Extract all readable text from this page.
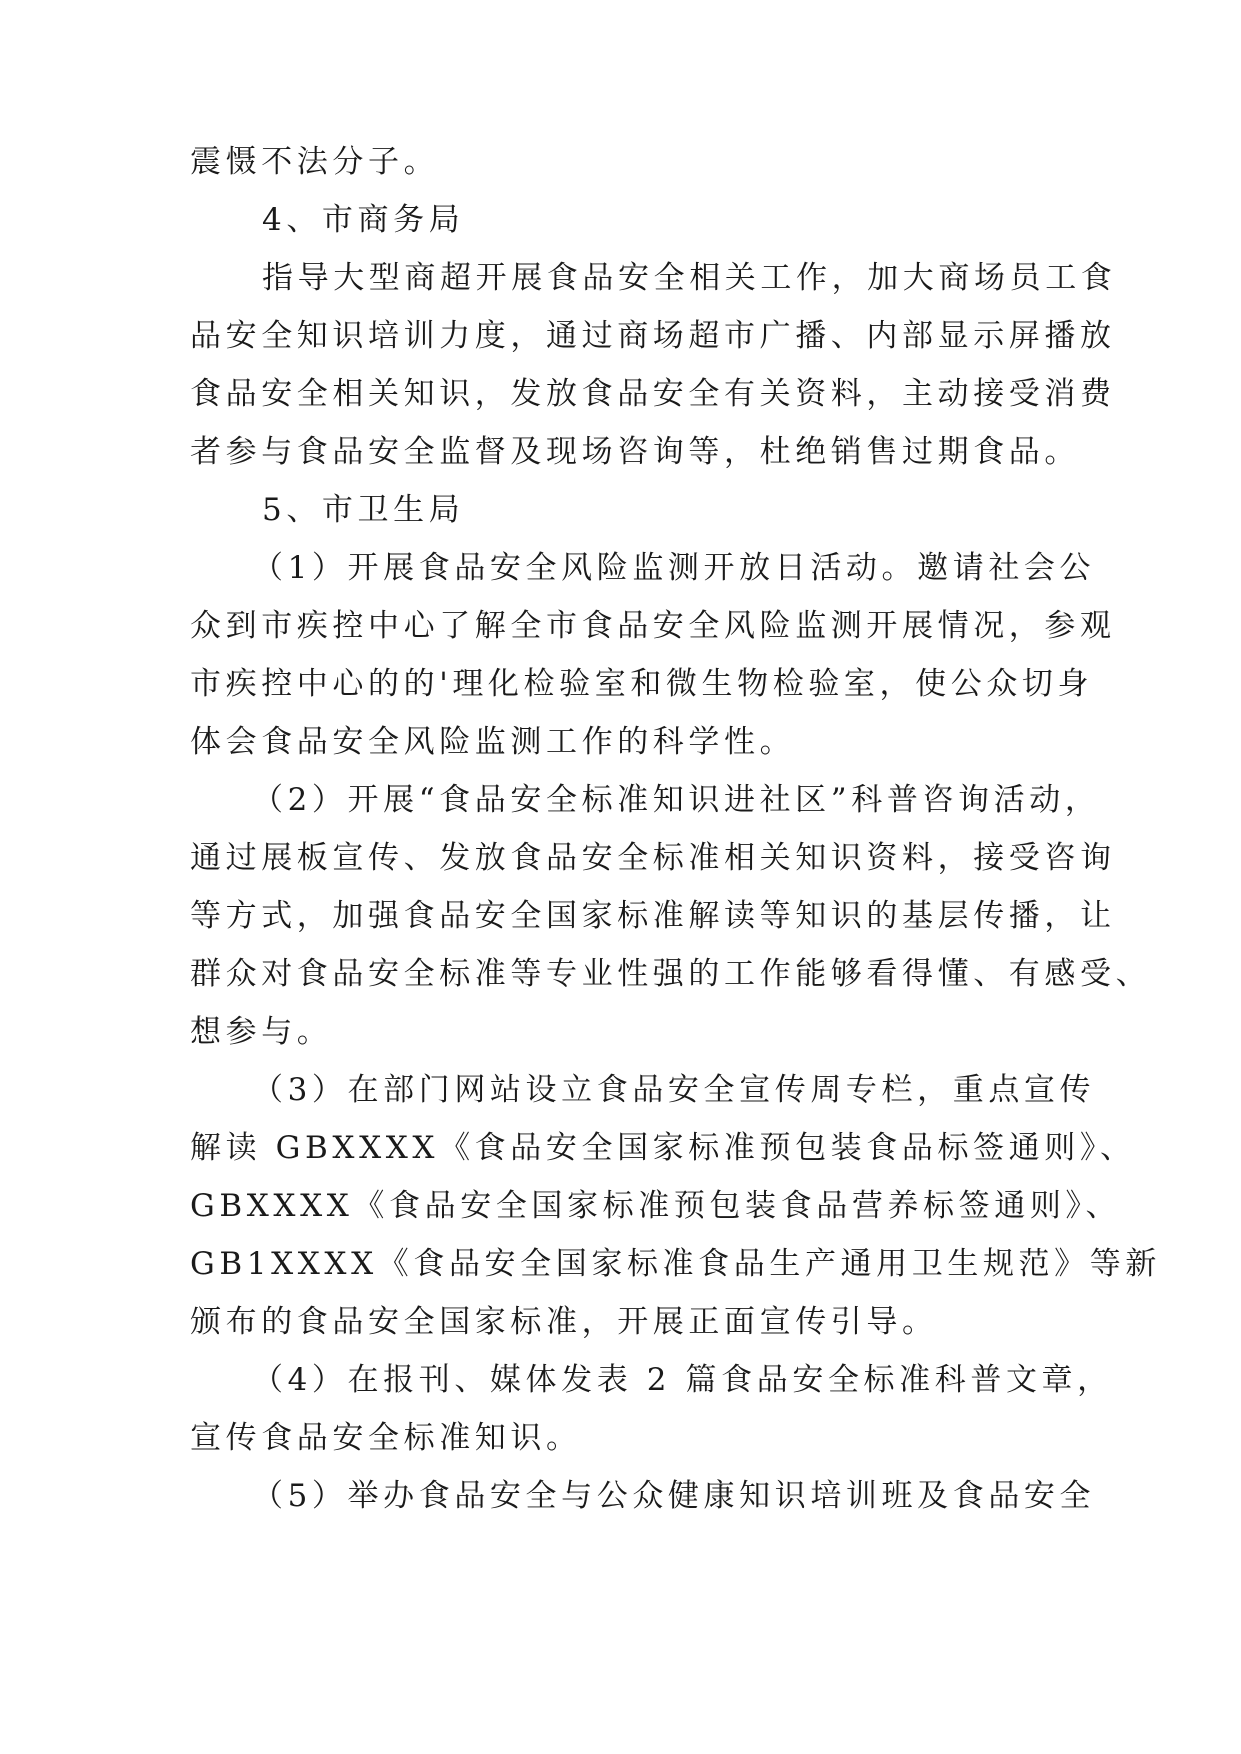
震慑不法分子。

4、市商务局

指导大型商超开展食品安全相关工作，加大商场员工食

品安全知识培训力度，通过商场超市广播、内部显示屏播放

食品安全相关知识，发放食品安全有关资料，主动接受消费

者参与食品安全监督及现场咨询等，杜绝销售过期食品。

5、市卫生局

（1）开展食品安全风险监测开放日活动。邀请社会公

众到市疾控中心了解全市食品安全风险监测开展情况，参观

市疾控中心的的'理化检验室和微生物检验室，使公众切身

体会食品安全风险监测工作的科学性。

（2）开展“食品安全标准知识进社区”科普咨询活动，

通过展板宣传、发放食品安全标准相关知识资料，接受咨询

等方式，加强食品安全国家标准解读等知识的基层传播，让

群众对食品安全标准等专业性强的工作能够看得懂、有感受、

想参与。

（3）在部门网站设立食品安全宣传周专栏，重点宣传

解读 GBXXXX《食品安全国家标准预包装食品标签通则》、

GBXXXX《食品安全国家标准预包装食品营养标签通则》、

GB1XXXX《食品安全国家标准食品生产通用卫生规范》等新

颁布的食品安全国家标准，开展正面宣传引导。

（4）在报刊、媒体发表 2 篇食品安全标准科普文章，

宣传食品安全标准知识。

（5）举办食品安全与公众健康知识培训班及食品安全
